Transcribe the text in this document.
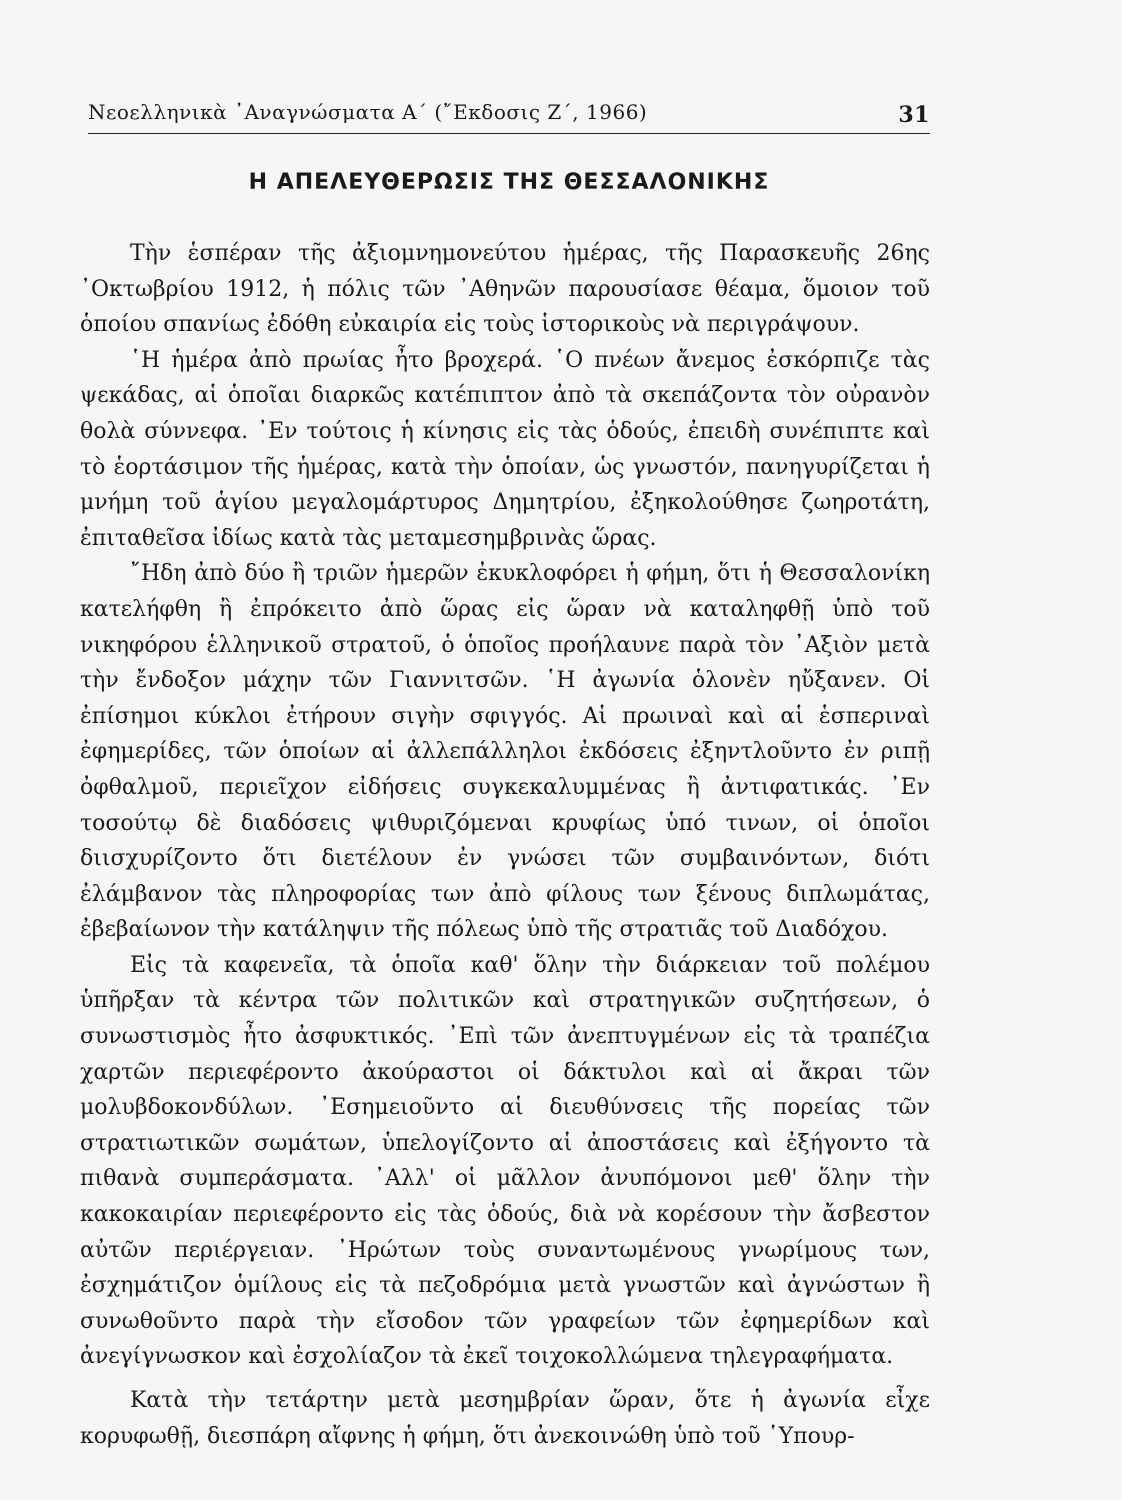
Νεοελληνικὰ ᾿Αναγνώσματα Α΄ (῎Εκδοσις Ζ΄, 1966)	31
Η ΑΠΕΛΕΥΘΕΡΩΣΙΣ ΤΗΣ ΘΕΣΣΑΛΟΝΙΚΗΣ

Τὴν ἑσπέραν τῆς ἀξιομνημονεύτου ἡμέρας, τῆς Παρασκευῆς 26ης ᾿Οκτωβρίου 1912, ἡ πόλις τῶν ᾿Αθηνῶν παρουσίασε θέαμα, ὅμοιον τοῦ ὁποίου σπανίως ἐδόθη εὐκαιρία εἰς τοὺς ἱστορικοὺς νὰ περιγράψουν.

῾Η ἡμέρα ἀπὸ πρωίας ἦτο βροχερά. ῾Ο πνέων ἄνεμος ἐσκόρπιζε τὰς ψεκάδας, αἱ ὁποῖαι διαρκῶς κατέπιπτον ἀπὸ τὰ σκεπάζοντα τὸν οὐρανὸν θολὰ σύννεφα. ᾿Εν τούτοις ἡ κίνησις εἰς τὰς ὁδούς, ἐπειδὴ συνέπιπτε καὶ τὸ ἑορτάσιμον τῆς ἡμέρας, κατὰ τὴν ὁποίαν, ὡς γνωστόν, πανηγυρίζεται ἡ μνήμη τοῦ ἁγίου μεγαλομάρτυρος Δημητρίου, ἐξηκολούθησε ζωηροτάτη, ἐπιταθεῖσα ἰδίως κατὰ τὰς μεταμεσημβρινὰς ὥρας.

῎Ηδη ἀπὸ δύο ἢ τριῶν ἡμερῶν ἐκυκλοφόρει ἡ φήμη, ὅτι ἡ Θεσσαλονίκη κατελήφθη ἢ ἐπρόκειτο ἀπὸ ὥρας εἰς ὥραν νὰ καταληφθῇ ὑπὸ τοῦ νικηφόρου ἑλληνικοῦ στρατοῦ, ὁ ὁποῖος προήλαυνε παρὰ τὸν ᾿Αξιὸν μετὰ τὴν ἔνδοξον μάχην τῶν Γιαννιτσῶν. ῾Η ἀγωνία ὁλονὲν ηὔξανεν. Οἱ ἐπίσημοι κύκλοι ἐτήρουν σιγὴν σφιγγός. Αἱ πρωιναὶ καὶ αἱ ἑσπεριναὶ ἐφημερίδες, τῶν ὁποίων αἱ ἀλλεπάλληλοι ἐκδόσεις ἐξηντλοῦντο ἐν ριπῇ ὀφθαλμοῦ, περιεῖχον εἰδήσεις συγκεκαλυμμένας ἢ ἀντιφατικάς. ᾿Εν τοσούτῳ δὲ διαδόσεις ψιθυριζόμεναι κρυφίως ὑπό τινων, οἱ ὁποῖοι διισχυρίζοντο ὅτι διετέλουν ἐν γνώσει τῶν συμβαινόντων, διότι ἐλάμβανον τὰς πληροφορίας των ἀπὸ φίλους των ξένους διπλωμάτας, ἐβεβαίωνον τὴν κατάληψιν τῆς πόλεως ὑπὸ τῆς στρατιᾶς τοῦ Διαδόχου.

Εἰς τὰ καφενεῖα, τὰ ὁποῖα καθ' ὅλην τὴν διάρκειαν τοῦ πολέμου ὑπῆρξαν τὰ κέντρα τῶν πολιτικῶν καὶ στρατηγικῶν συζητήσεων, ὁ συνωστισμὸς ἦτο ἀσφυκτικός. ᾿Επὶ τῶν ἀνεπτυγμένων εἰς τὰ τραπέζια χαρτῶν περιεφέροντο ἀκούραστοι οἱ δάκτυλοι καὶ αἱ ἄκραι τῶν μολυβδοκονδύλων. ᾿Εσημειοῦντο αἱ διευθύνσεις τῆς πορείας τῶν στρατιωτικῶν σωμάτων, ὑπελογίζοντο αἱ ἀποστάσεις καὶ ἐξήγοντο τὰ πιθανὰ συμπεράσματα. ᾿Αλλ' οἱ μᾶλλον ἀνυπόμονοι μεθ' ὅλην τὴν κακοκαιρίαν περιεφέροντο εἰς τὰς ὁδούς, διὰ νὰ κορέσουν τὴν ἄσβεστον αὐτῶν περιέργειαν. ᾿Ηρώτων τοὺς συναντωμένους γνωρίμους των, ἐσχημάτιζον ὁμίλους εἰς τὰ πεζοδρόμια μετὰ γνωστῶν καὶ ἀγνώστων ἢ συνωθοῦντο παρὰ τὴν εἴσοδον τῶν γραφείων τῶν ἐφημερίδων καὶ ἀνεγίγνωσκον καὶ ἐσχολίαζον τὰ ἐκεῖ τοιχοκολλώμενα τηλεγραφήματα.

Κατὰ τὴν τετάρτην μετὰ μεσημβρίαν ὥραν, ὅτε ἡ ἀγωνία εἶχε κορυφωθῇ, διεσπάρη αἴφνης ἡ φήμη, ὅτι ἀνεκοινώθη ὑπὸ τοῦ ῾Υπουρ-
